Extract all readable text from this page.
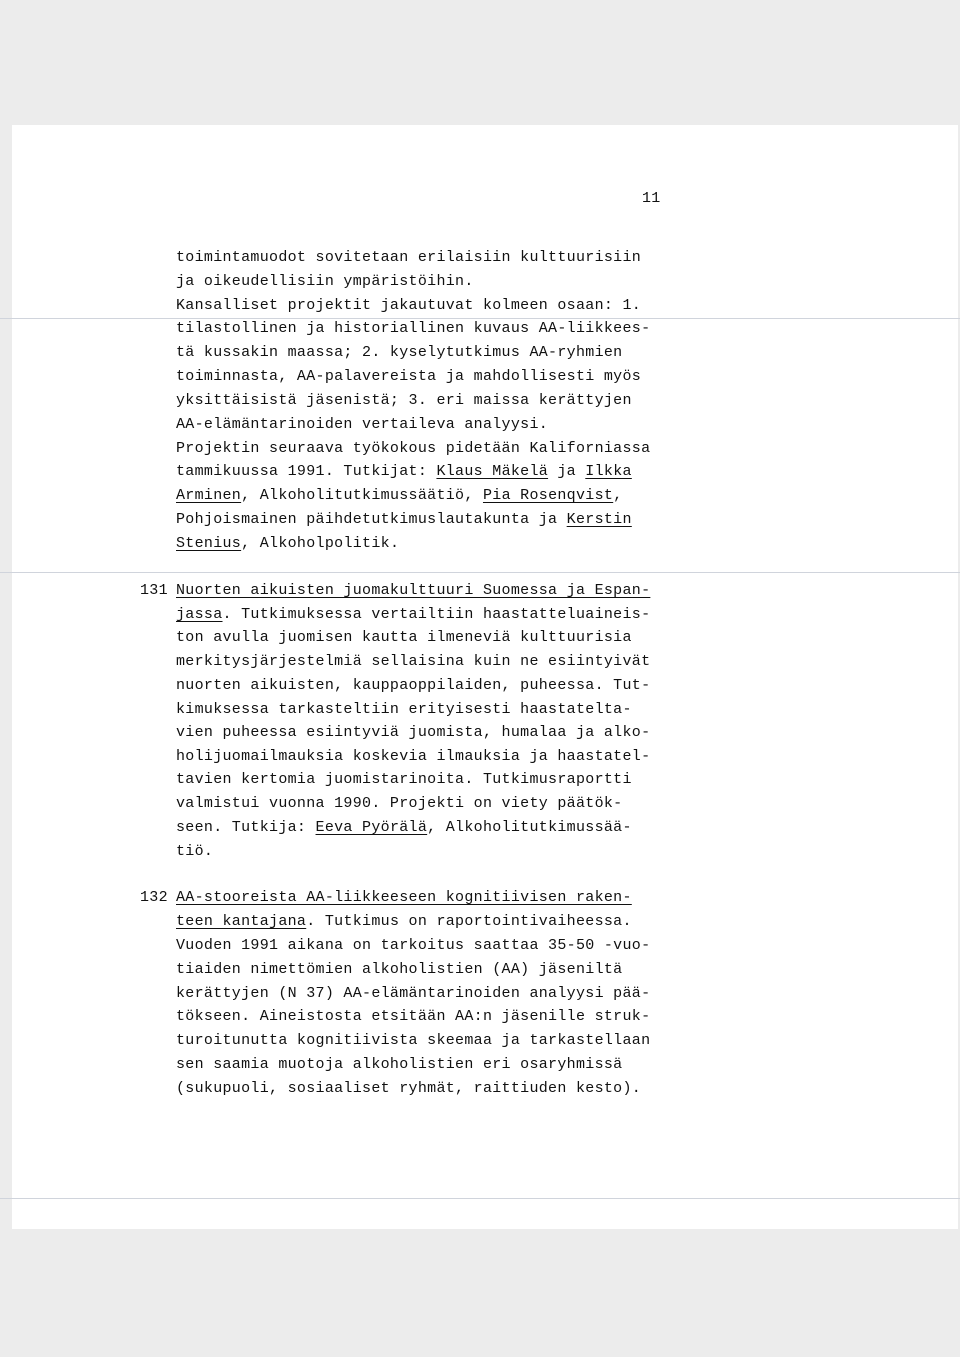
11

toimintamuodot sovitetaan erilaisiin kulttuurisiin

ja oikeudellisiin ympäristöihin.

Kansalliset projektit jakautuvat kolmeen osaan: 1.

tilastollinen ja historiallinen kuvaus AA-liikkees-

tä kussakin maassa; 2. kyselytutkimus AA-ryhmien

toiminnasta, AA-palavereista ja mahdollisesti myös

yksittäisistä jäsenistä; 3. eri maissa kerättyjen

AA-elämäntarinoiden vertaileva analyysi.

Projektin seuraava työkokous pidetään Kaliforniassa

tammikuussa 1991. Tutkijat: Klaus Mäkelä ja Ilkka

Arminen, Alkoholitutkimussäätiö, Pia Rosenqvist,

Pohjoismainen päihdetutkimuslautakunta ja Kerstin

Stenius, Alkoholpolitik.

131 Nuorten aikuisten juomakulttuuri Suomessa ja Espan-

jassa. Tutkimuksessa vertailtiin haastatteluaineis-

ton avulla juomisen kautta ilmeneviä kulttuurisia

merkitysjärjestelmiä sellaisina kuin ne esiintyivät

nuorten aikuisten, kauppaoppilaiden, puheessa. Tut-

kimuksessa tarkasteltiin erityisesti haastatelta-

vien puheessa esiintyviä juomista, humalaa ja alko-

holijuomailmauksia koskevia ilmauksia ja haastatel-

tavien kertomia juomistarinoita. Tutkimusraportti

valmistui vuonna 1990. Projekti on viety päätök-

seen. Tutkija: Eeva Pyörälä, Alkoholitutkimussää-

tiö.

132 AA-stooreista AA-liikkeeseen kognitiivisen raken-

teen kantajana. Tutkimus on raportointivaiheessa.

Vuoden 1991 aikana on tarkoitus saattaa 35-50 -vuo-

tiaiden nimettömien alkoholistien (AA) jäseniltä

kerättyjen (N 37) AA-elämäntarinoiden analyysi pää-

tökseen. Aineistosta etsitään AA:n jäsenille struk-

turoitunutta kognitiivista skeemaa ja tarkastellaan

sen saamia muotoja alkoholistien eri osaryhmissä

(sukupuoli, sosiaaliset ryhmät, raittiuden kesto).
